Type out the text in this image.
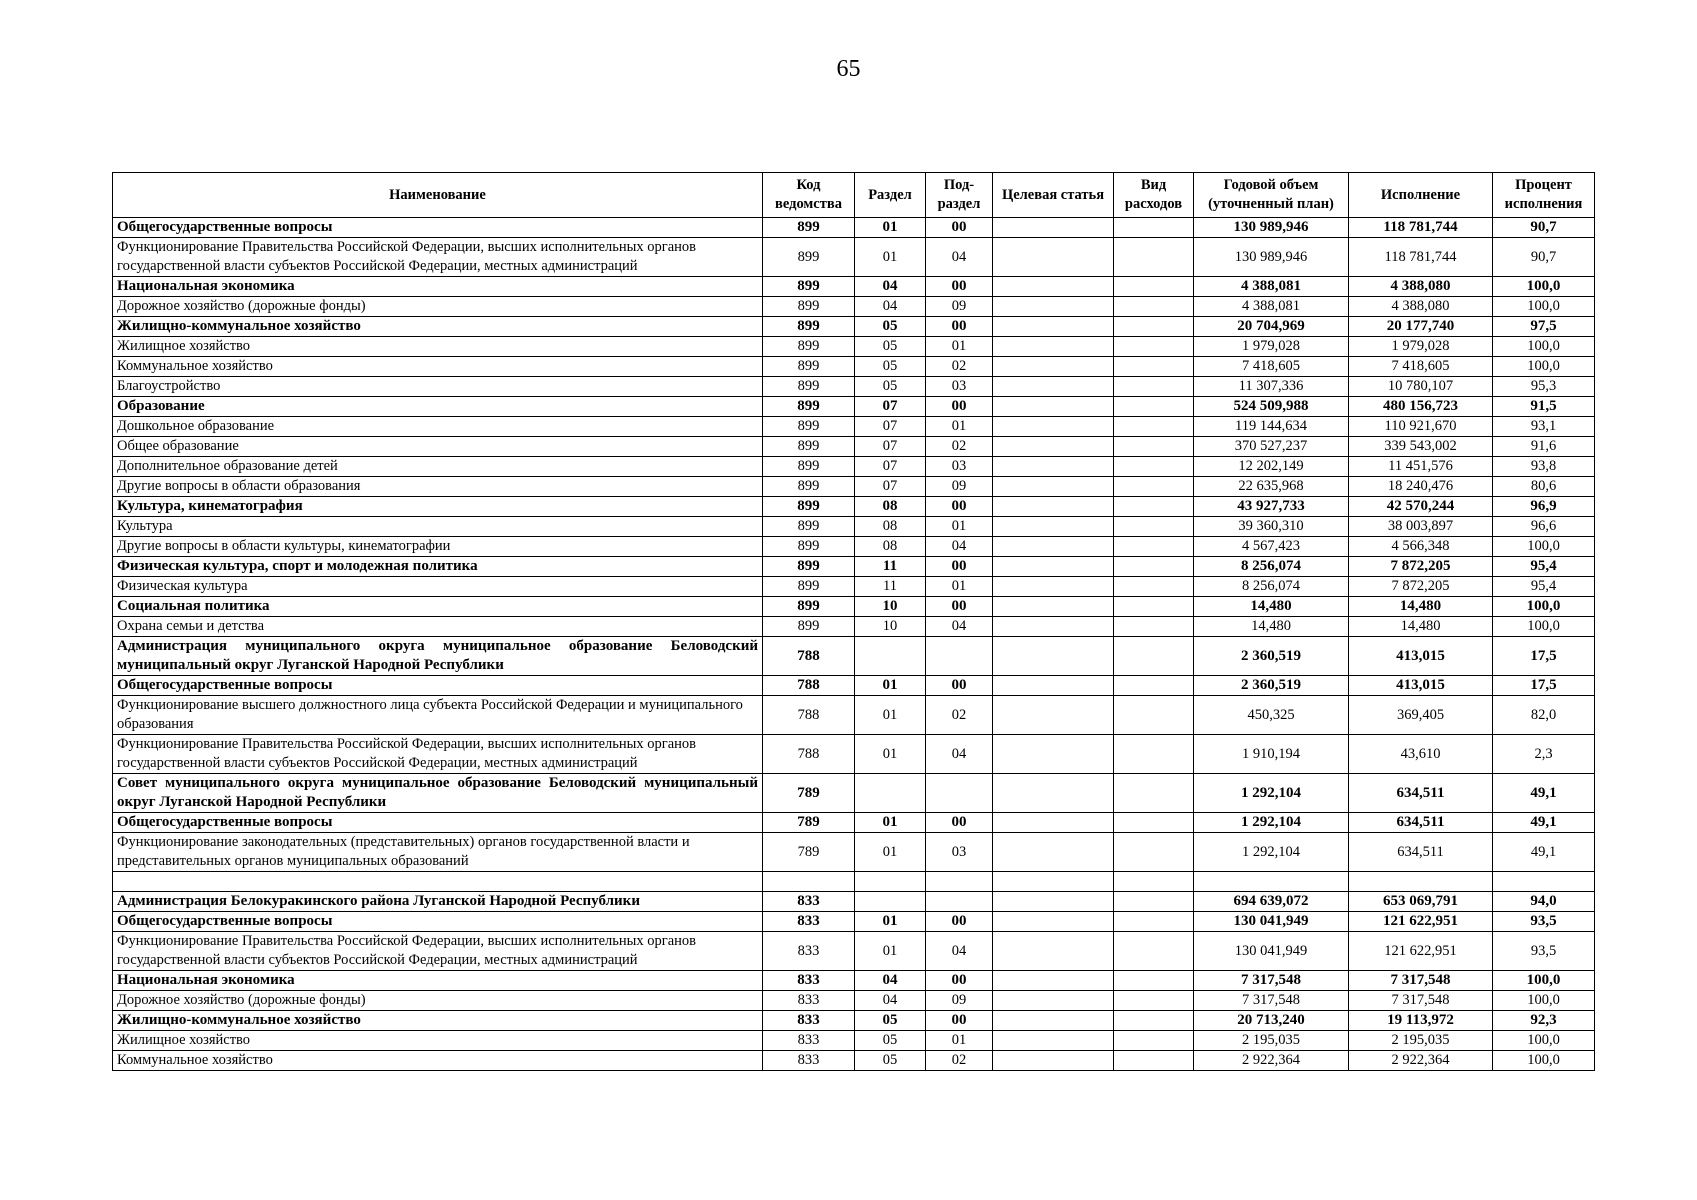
65
Наименование	Код ведомства	Раздел	Под-раздел	Целевая статья	Вид расходов	Годовой объем (уточненный план)	Исполнение	Процент исполнения
Общегосударственные вопросы	899	01	00			130 989,946	118 781,744	90,7
Функционирование Правительства Российской Федерации, высших исполнительных органов государственной власти субъектов Российской Федерации, местных администраций	899	01	04			130 989,946	118 781,744	90,7
Национальная экономика	899	04	00			4 388,081	4 388,080	100,0
Дорожное хозяйство (дорожные фонды)	899	04	09			4 388,081	4 388,080	100,0
Жилищно-коммунальное хозяйство	899	05	00			20 704,969	20 177,740	97,5
Жилищное хозяйство	899	05	01			1 979,028	1 979,028	100,0
Коммунальное хозяйство	899	05	02			7 418,605	7 418,605	100,0
Благоустройство	899	05	03			11 307,336	10 780,107	95,3
Образование	899	07	00			524 509,988	480 156,723	91,5
Дошкольное образование	899	07	01			119 144,634	110 921,670	93,1
Общее образование	899	07	02			370 527,237	339 543,002	91,6
Дополнительное образование детей	899	07	03			12 202,149	11 451,576	93,8
Другие вопросы в области образования	899	07	09			22 635,968	18 240,476	80,6
Культура, кинематография	899	08	00			43 927,733	42 570,244	96,9
Культура	899	08	01			39 360,310	38 003,897	96,6
Другие вопросы в области культуры, кинематографии	899	08	04			4 567,423	4 566,348	100,0
Физическая культура, спорт и молодежная политика	899	11	00			8 256,074	7 872,205	95,4
Физическая культура	899	11	01			8 256,074	7 872,205	95,4
Социальная политика	899	10	00			14,480	14,480	100,0
Охрана семьи и детства	899	10	04			14,480	14,480	100,0
Администрация муниципального округа муниципальное образование Беловодский муниципальный округ Луганской Народной Республики	788					2 360,519	413,015	17,5
Общегосударственные вопросы	788	01	00			2 360,519	413,015	17,5
Функционирование высшего должностного лица субъекта Российской Федерации и муниципального образования	788	01	02			450,325	369,405	82,0
Функционирование Правительства Российской Федерации, высших исполнительных органов государственной власти субъектов Российской Федерации, местных администраций	788	01	04			1 910,194	43,610	2,3
Совет муниципального округа муниципальное образование Беловодский муниципальный округ Луганской Народной Республики	789					1 292,104	634,511	49,1
Общегосударственные вопросы	789	01	00			1 292,104	634,511	49,1
Функционирование законодательных (представительных) органов государственной власти и представительных органов муниципальных образований	789	01	03			1 292,104	634,511	49,1

Администрация Белокуракинского района Луганской Народной Республики	833					694 639,072	653 069,791	94,0
Общегосударственные вопросы	833	01	00			130 041,949	121 622,951	93,5
Функционирование Правительства Российской Федерации, высших исполнительных органов государственной власти субъектов Российской Федерации, местных администраций	833	01	04			130 041,949	121 622,951	93,5
Национальная экономика	833	04	00			7 317,548	7 317,548	100,0
Дорожное хозяйство (дорожные фонды)	833	04	09			7 317,548	7 317,548	100,0
Жилищно-коммунальное хозяйство	833	05	00			20 713,240	19 113,972	92,3
Жилищное хозяйство	833	05	01			2 195,035	2 195,035	100,0
Коммунальное хозяйство	833	05	02			2 922,364	2 922,364	100,0
